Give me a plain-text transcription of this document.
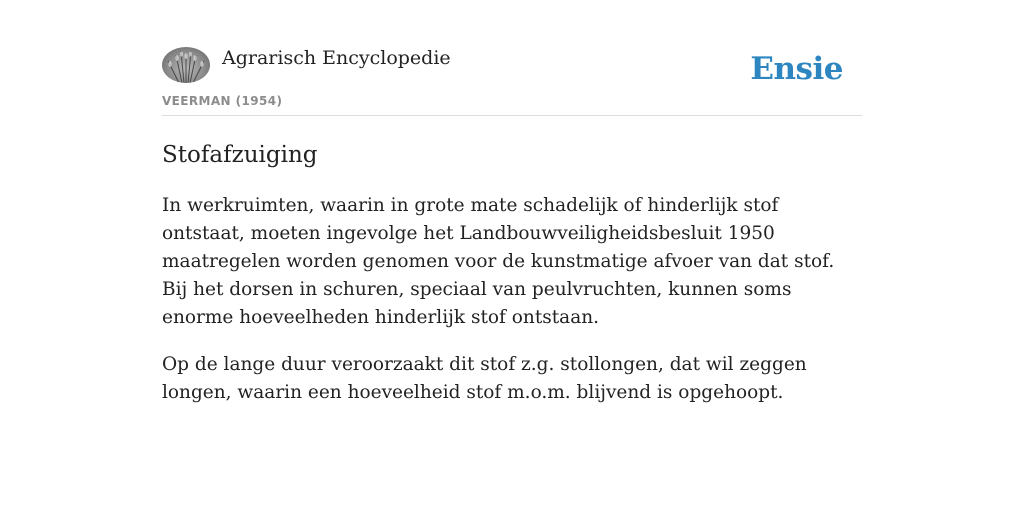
Agrarisch Encyclopedie
VEERMAN (1954)
Ensie
Stofafzuiging

In werkruimten, waarin in grote mate schadelijk of hinderlijk stof ontstaat, moeten ingevolge het Landbouwveiligheidsbesluit 1950 maatregelen worden genomen voor de kunstmatige afvoer van dat stof. Bij het dorsen in schuren, speciaal van peulvruchten, kunnen soms enorme hoeveelheden hinderlijk stof ontstaan.

Op de lange duur veroorzaakt dit stof z.g. stollongen, dat wil zeggen longen, waarin een hoeveelheid stof m.o.m. blijvend is opgehoopt.
